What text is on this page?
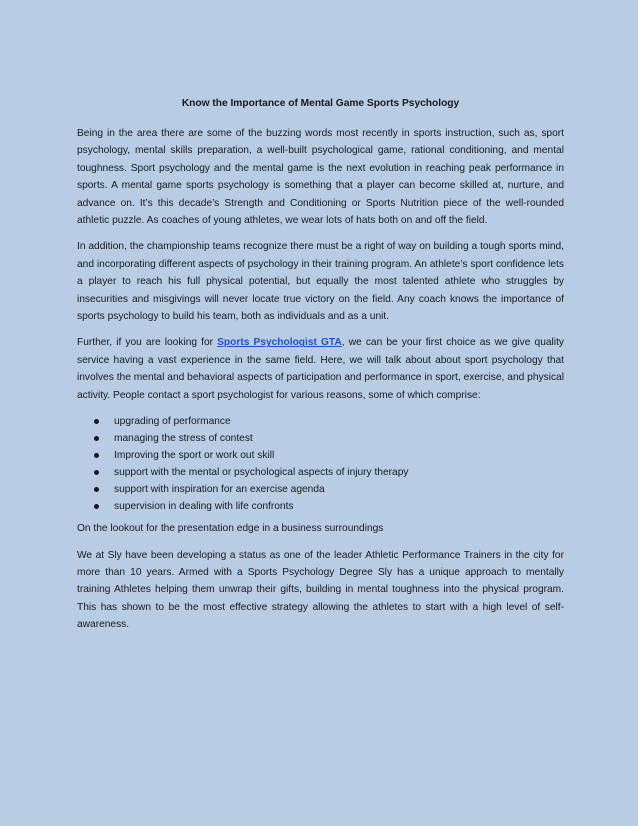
Know the Importance of Mental Game Sports Psychology

Being in the area there are some of the buzzing words most recently in sports instruction, such as, sport psychology, mental skills preparation, a well-built psychological game, rational conditioning, and mental toughness. Sport psychology and the mental game is the next evolution in reaching peak performance in sports. A mental game sports psychology is something that a player can become skilled at, nurture, and advance on. It’s this decade’s Strength and Conditioning or Sports Nutrition piece of the well-rounded athletic puzzle. As coaches of young athletes, we wear lots of hats both on and off the field.

In addition, the championship teams recognize there must be a right of way on building a tough sports mind, and incorporating different aspects of psychology in their training program. An athlete’s sport confidence lets a player to reach his full physical potential, but equally the most talented athlete who struggles by insecurities and misgivings will never locate true victory on the field. Any coach knows the importance of sports psychology to build his team, both as individuals and as a unit.

Further, if you are looking for Sports Psychologist GTA, we can be your first choice as we give quality service having a vast experience in the same field. Here, we will talk about about sport psychology that involves the mental and behavioral aspects of participation and performance in sport, exercise, and physical activity. People contact a sport psychologist for various reasons, some of which comprise:

upgrading of performance
managing the stress of contest
Improving the sport or work out skill
support with the mental or psychological aspects of injury therapy
support with inspiration for an exercise agenda
supervision in dealing with life confronts

On the lookout for the presentation edge in a business surroundings

We at Sly have been developing a status as one of the leader Athletic Performance Trainers in the city for more than 10 years. Armed with a Sports Psychology Degree Sly has a unique approach to mentally training Athletes helping them unwrap their gifts, building in mental toughness into the physical program. This has shown to be the most effective strategy allowing the athletes to start with a high level of self-awareness.
